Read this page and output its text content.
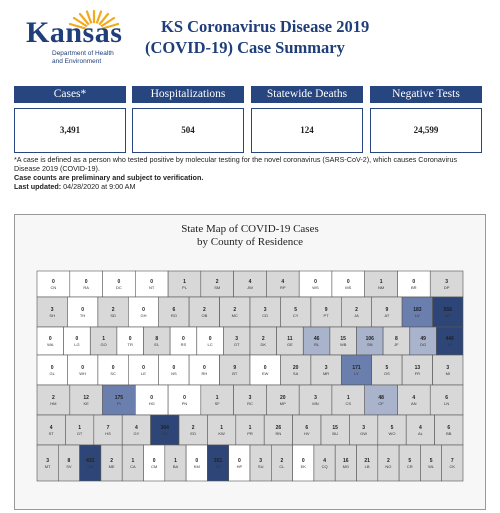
Kansas
Department of Health
and Environment
KS Coronavirus Disease 2019
(COVID-19) Case Summary
Cases*
3,491
Hospitalizations
504
Statewide Deaths
124
Negative Tests
24,599
*A case is defined as a person who tested positive by molecular testing for the novel coronavirus (SARS-CoV-2), which causes Coronavirus Disease 2019 (COVID-19).
Case counts are preliminary and subject to verification.
Last updated: 04/28/2020 at 9:00 AM
State Map of COVID-19 Cases
by County of Residence
0
CN
0
RA
0
DC
0
NT
1
PL
2
SM
4
JW
4
RP
0
WS
0
MS
1
NM
0
BR
3
DP
3
SH
0
TH
2
SD
0
GH
6
RO
2
OB
2
MC
3
CD
5
CY
9
PT
2
JA
9
AT
183
LV
558
WY
0
WA
0
LG
1
GO
0
TR
8
EL
0
RS
0
LC
3
OT
2
DK
11
GE
46
RL
15
WB
106
SN
8
JF
49
DG
446
JO
0
GL
0
WH
0
SC
0
LE
0
NS
0
RH
9
BT
0
EW
20
SA
3
MR
171
LY
5
OS
13
FR
3
MI
2
HM
12
KE
175
FI
0
HG
0
PN
1
SF
3
RC
20
MP
3
MN
1
CS
48
CF
4
AN
6
LN
4
ST
1
GT
7
HS
4
GY
364
FO
2
ED
1
KW
1
PR
26
RN
6
HV
15
BU
3
GW
5
WO
4
AL
6
BB
3
MT
8
SV
432
SW
2
ME
1
CA
0
CM
1
BA
0
KM
351
SG
0
HP
3
SU
2
CL
0
EK
4
CQ
16
MG
21
LB
2
NO
5
CR
5
WL
7
CK
